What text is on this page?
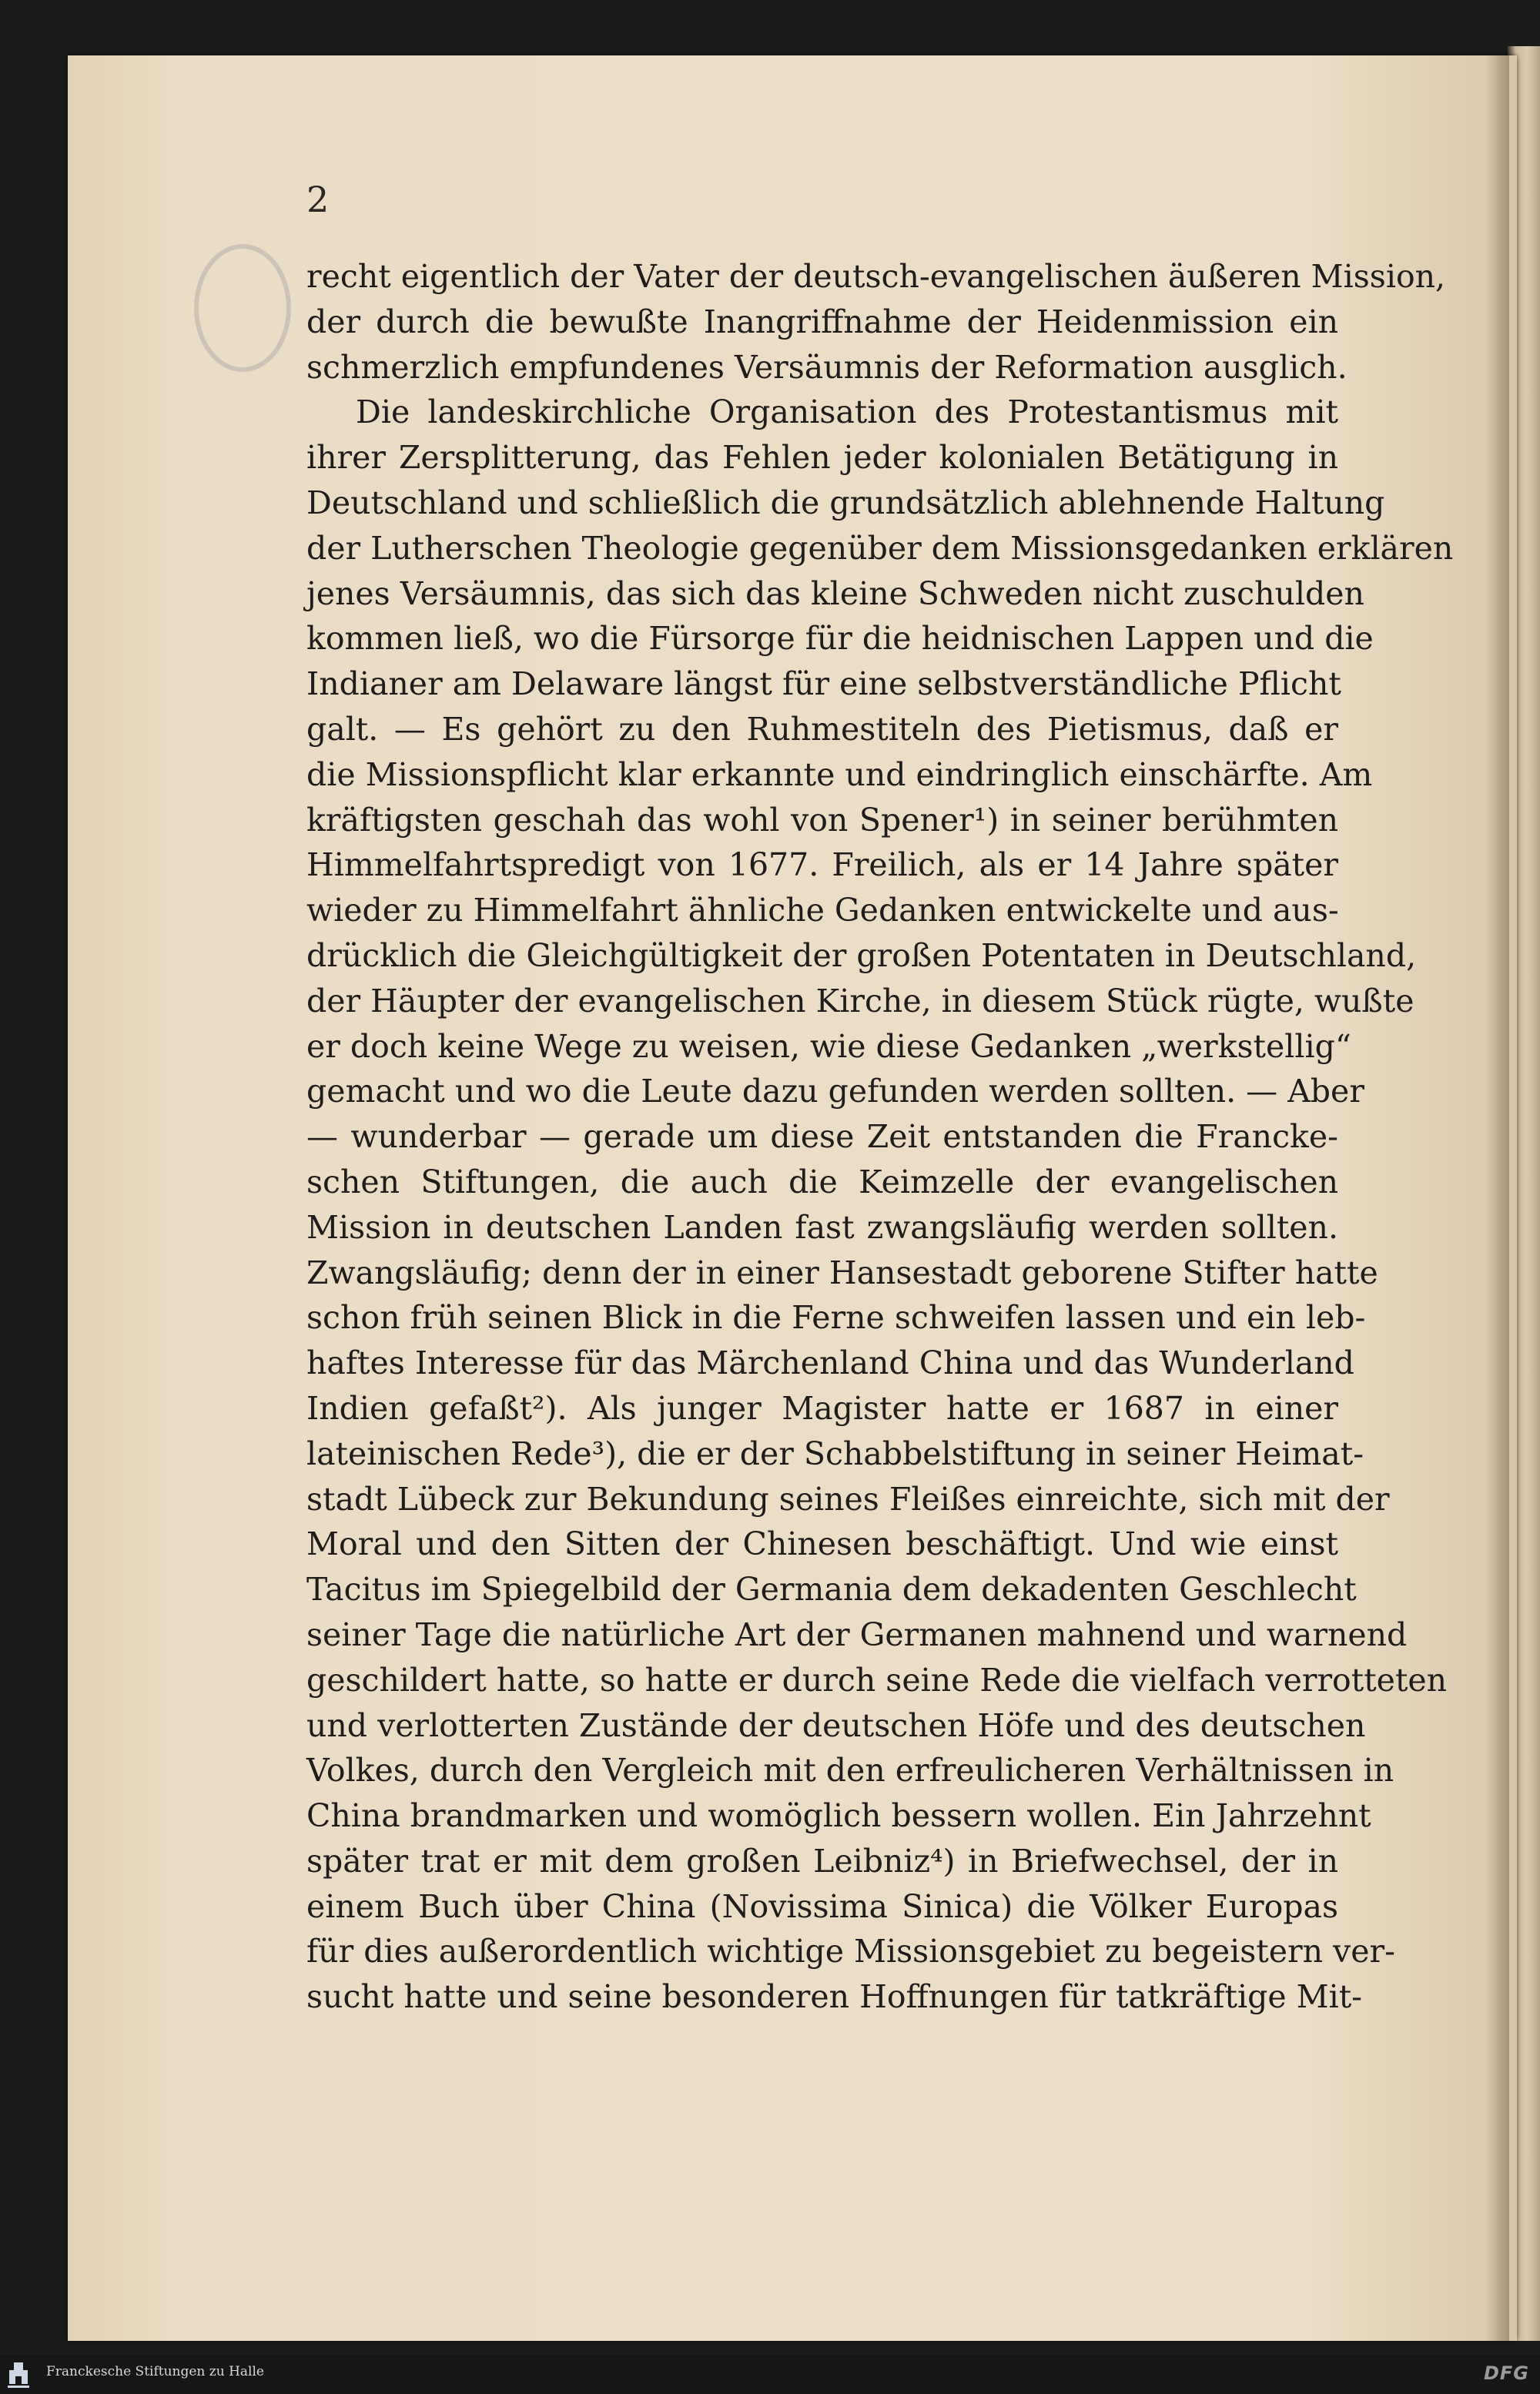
2
recht eigentlich der Vater der deutsch-evangelischen äußeren Mission,
der durch die bewußte Inangriffnahme der Heidenmission ein
schmerzlich empfundenes Versäumnis der Reformation ausglich.
Die landeskirchliche Organisation des Protestantismus mit
ihrer Zersplitterung, das Fehlen jeder kolonialen Betätigung in
Deutschland und schließlich die grundsätzlich ablehnende Haltung
der Lutherschen Theologie gegenüber dem Missionsgedanken erklären
jenes Versäumnis, das sich das kleine Schweden nicht zuschulden
kommen ließ, wo die Fürsorge für die heidnischen Lappen und die
Indianer am Delaware längst für eine selbstverständliche Pflicht
galt. — Es gehört zu den Ruhmestiteln des Pietismus, daß er
die Missionspflicht klar erkannte und eindringlich einschärfte. Am
kräftigsten geschah das wohl von Spener¹) in seiner berühmten
Himmelfahrtspredigt von 1677. Freilich, als er 14 Jahre später
wieder zu Himmelfahrt ähnliche Gedanken entwickelte und aus-
drücklich die Gleichgültigkeit der großen Potentaten in Deutschland,
der Häupter der evangelischen Kirche, in diesem Stück rügte, wußte
er doch keine Wege zu weisen, wie diese Gedanken „werkstellig“
gemacht und wo die Leute dazu gefunden werden sollten. — Aber
— wunderbar — gerade um diese Zeit entstanden die Francke-
schen Stiftungen, die auch die Keimzelle der evangelischen
Mission in deutschen Landen fast zwangsläufig werden sollten.
Zwangsläufig; denn der in einer Hansestadt geborene Stifter hatte
schon früh seinen Blick in die Ferne schweifen lassen und ein leb-
haftes Interesse für das Märchenland China und das Wunderland
Indien gefaßt²). Als junger Magister hatte er 1687 in einer
lateinischen Rede³), die er der Schabbelstiftung in seiner Heimat-
stadt Lübeck zur Bekundung seines Fleißes einreichte, sich mit der
Moral und den Sitten der Chinesen beschäftigt. Und wie einst
Tacitus im Spiegelbild der Germania dem dekadenten Geschlecht
seiner Tage die natürliche Art der Germanen mahnend und warnend
geschildert hatte, so hatte er durch seine Rede die vielfach verrotteten
und verlotterten Zustände der deutschen Höfe und des deutschen
Volkes, durch den Vergleich mit den erfreulicheren Verhältnissen in
China brandmarken und womöglich bessern wollen. Ein Jahrzehnt
später trat er mit dem großen Leibniz⁴) in Briefwechsel, der in
einem Buch über China (Novissima Sinica) die Völker Europas
für dies außerordentlich wichtige Missionsgebiet zu begeistern ver-
sucht hatte und seine besonderen Hoffnungen für tatkräftige Mit-
Franckesche Stiftungen zu Halle	DFG
